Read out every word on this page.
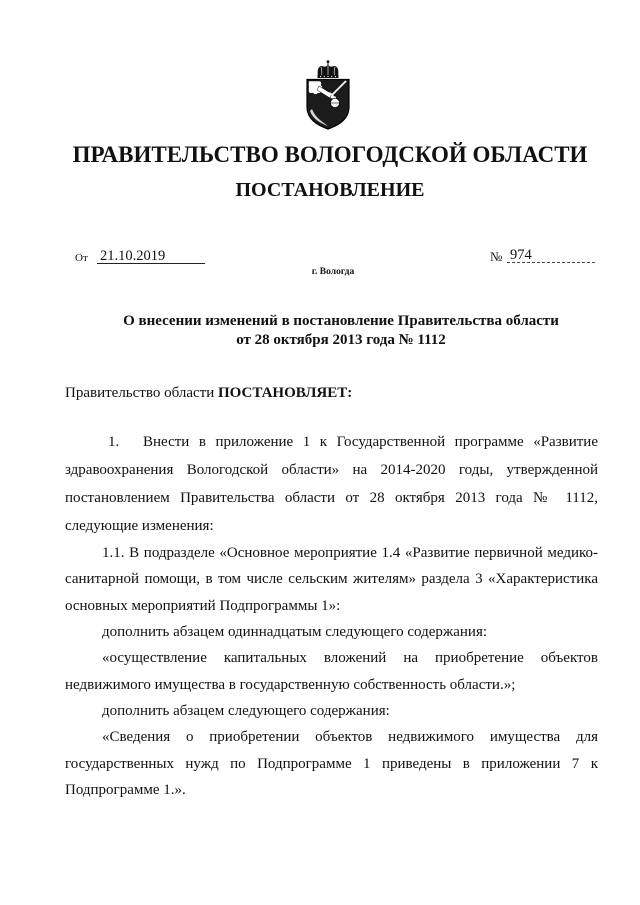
ПРАВИТЕЛЬСТВО ВОЛОГОДСКОЙ ОБЛАСТИ
ПОСТАНОВЛЕНИЕ
От 21.10.2019	№ 974
г. Вологда
О внесении изменений в постановление Правительства области
от 28 октября 2013 года № 1112
Правительство области ПОСТАНОВЛЯЕТ:
1. Внести в приложение 1 к Государственной программе «Развитие
здравоохранения Вологодской области» на 2014-2020 годы, утвержденной
постановлением Правительства области от 28 октября 2013 года № 1112,
следующие изменения:
1.1. В подразделе «Основное мероприятие 1.4 «Развитие первичной медико-
санитарной помощи, в том числе сельским жителям» раздела 3 «Характеристика
основных мероприятий Подпрограммы 1»:
дополнить абзацем одиннадцатым следующего содержания:
«осуществление капитальных вложений на приобретение объектов
недвижимого имущества в государственную собственность области.»;
дополнить абзацем следующего содержания:
«Сведения о приобретении объектов недвижимого имущества для
государственных нужд по Подпрограмме 1 приведены в приложении 7 к
Подпрограмме 1.».
